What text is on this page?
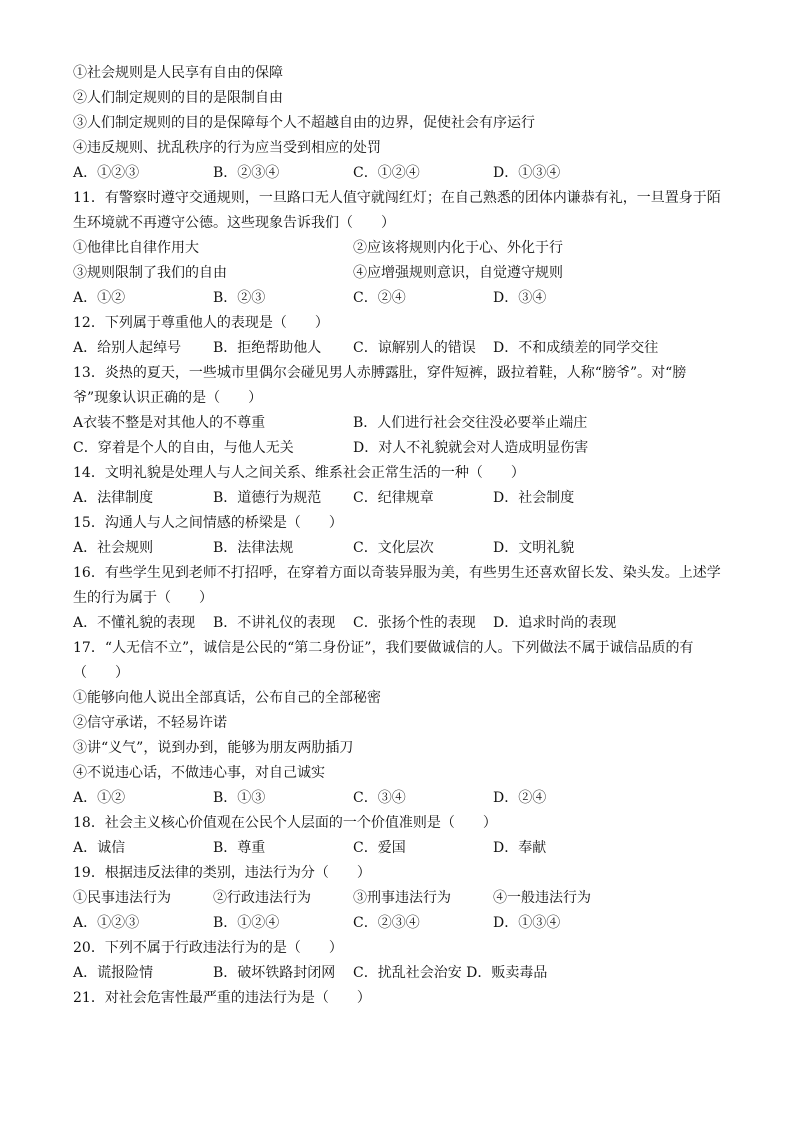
①社会规则是人民享有自由的保障
②人们制定规则的目的是限制自由
③人们制定规则的目的是保障每个人不超越自由的边界，促使社会有序运行
④违反规则、扰乱秩序的行为应当受到相应的处罚
A．①②③	B．②③④	C．①②④	D．①③④
11．有警察时遵守交通规则，一旦路口无人值守就闯红灯；在自己熟悉的团体内谦恭有礼，一旦置身于陌
生环境就不再遵守公德。这些现象告诉我们（　　）
①他律比自律作用大	②应该将规则内化于心、外化于行
③规则限制了我们的自由	④应增强规则意识，自觉遵守规则
A．①②	B．②③	C．②④	D．③④
12．下列属于尊重他人的表现是（　　）
A．给别人起绰号	B．拒绝帮助他人	C．谅解别人的错误	D．不和成绩差的同学交往
13．炎热的夏天，一些城市里偶尔会碰见男人赤膊露肚，穿件短裤，趿拉着鞋，人称“膀爷”。对“膀
爷”现象认识正确的是（　　）
A衣装不整是对其他人的不尊重	B．人们进行社会交往没必要举止端庄
C．穿着是个人的自由，与他人无关	D．对人不礼貌就会对人造成明显伤害
14．文明礼貌是处理人与人之间关系、维系社会正常生活的一种（　　）
A．法律制度	B．道德行为规范	C．纪律规章	D．社会制度
15．沟通人与人之间情感的桥梁是（　　）
A．社会规则	B．法律法规	C．文化层次	D．文明礼貌
16．有些学生见到老师不打招呼，在穿着方面以奇装异服为美，有些男生还喜欢留长发、染头发。上述学
生的行为属于（　　）
A．不懂礼貌的表现	B．不讲礼仪的表现	C．张扬个性的表现	D．追求时尚的表现
17．“人无信不立”，诚信是公民的“第二身份证”，我们要做诚信的人。下列做法不属于诚信品质的有
（　　）
①能够向他人说出全部真话，公布自己的全部秘密
②信守承诺，不轻易许诺
③讲“义气”，说到办到，能够为朋友两肋插刀
④不说违心话，不做违心事，对自己诚实
A．①②	B．①③	C．③④	D．②④
18．社会主义核心价值观在公民个人层面的一个价值准则是（　　）
A．诚信	B．尊重	C．爱国	D．奉献
19．根据违反法律的类别，违法行为分（　　）
①民事违法行为	②行政违法行为	③刑事违法行为	④一般违法行为
A．①②③	B．①②④	C．②③④	D．①③④
20．下列不属于行政违法行为的是（　　）
A．谎报险情	B．破坏铁路封闭网	C．扰乱社会治安 D．贩卖毒品
21．对社会危害性最严重的违法行为是（　　）
